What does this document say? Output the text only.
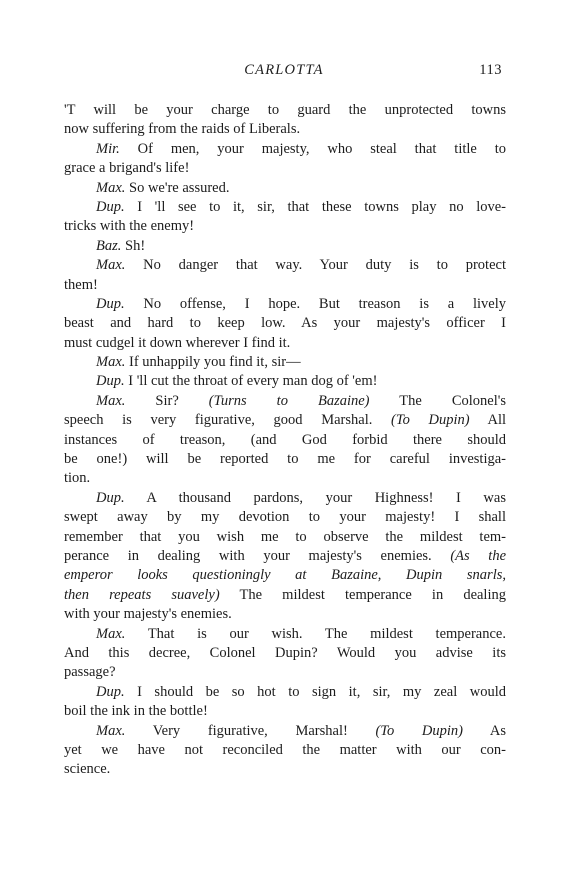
CARLOTTA	113
'T will be your charge to guard the unprotected towns
now suffering from the raids of Liberals.
Mir. Of men, your majesty, who steal that title to
grace a brigand's life!
Max. So we're assured.
Dup. I 'll see to it, sir, that these towns play no love-
tricks with the enemy!
Baz. Sh!
Max. No danger that way. Your duty is to protect
them!
Dup. No offense, I hope. But treason is a lively
beast and hard to keep low. As your majesty's officer I
must cudgel it down wherever I find it.
Max. If unhappily you find it, sir—
Dup. I 'll cut the throat of every man dog of 'em!
Max. Sir? (Turns to Bazaine) The Colonel's
speech is very figurative, good Marshal. (To Dupin) All
instances of treason, (and God forbid there should
be one!) will be reported to me for careful investiga-
tion.
Dup. A thousand pardons, your Highness! I was
swept away by my devotion to your majesty! I shall
remember that you wish me to observe the mildest tem-
perance in dealing with your majesty's enemies. (As the
emperor looks questioningly at Bazaine, Dupin snarls,
then repeats suavely) The mildest temperance in dealing
with your majesty's enemies.
Max. That is our wish. The mildest temperance.
And this decree, Colonel Dupin? Would you advise its
passage?
Dup. I should be so hot to sign it, sir, my zeal would
boil the ink in the bottle!
Max. Very figurative, Marshal! (To Dupin) As
yet we have not reconciled the matter with our con-
science.
